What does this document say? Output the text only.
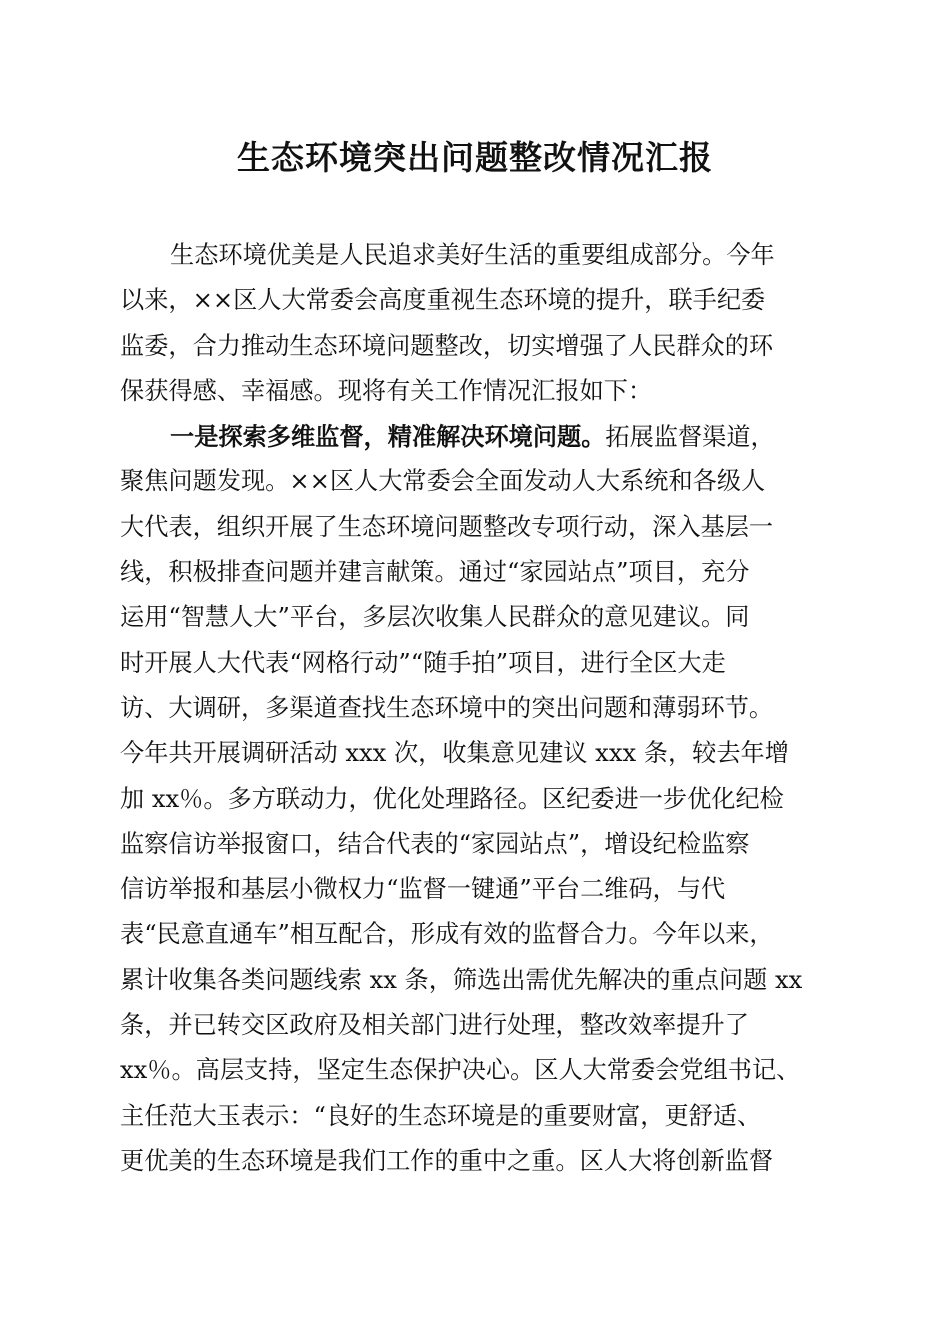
生态环境突出问题整改情况汇报
生态环境优美是人民追求美好生活的重要组成部分。今年
以来，××区人大常委会高度重视生态环境的提升，联手纪委
监委，合力推动生态环境问题整改，切实增强了人民群众的环
保获得感、幸福感。现将有关工作情况汇报如下：
一是探索多维监督，精准解决环境问题。拓展监督渠道，
聚焦问题发现。××区人大常委会全面发动人大系统和各级人
大代表，组织开展了生态环境问题整改专项行动，深入基层一
线，积极排查问题并建言献策。通过“家园站点”项目，充分
运用“智慧人大”平台，多层次收集人民群众的意见建议。同
时开展人大代表“网格行动”“随手拍”项目，进行全区大走
访、大调研，多渠道查找生态环境中的突出问题和薄弱环节。
今年共开展调研活动 xxx 次，收集意见建议 xxx 条，较去年增
加 xx％。多方联动力，优化处理路径。区纪委进一步优化纪检
监察信访举报窗口，结合代表的“家园站点”，增设纪检监察
信访举报和基层小微权力“监督一键通”平台二维码，与代
表“民意直通车”相互配合，形成有效的监督合力。今年以来，
累计收集各类问题线索 xx 条，筛选出需优先解决的重点问题 xx
条，并已转交区政府及相关部门进行处理，整改效率提升了
xx％。高层支持，坚定生态保护决心。区人大常委会党组书记、
主任范大玉表示：“良好的生态环境是的重要财富，更舒适、
更优美的生态环境是我们工作的重中之重。区人大将创新监督
